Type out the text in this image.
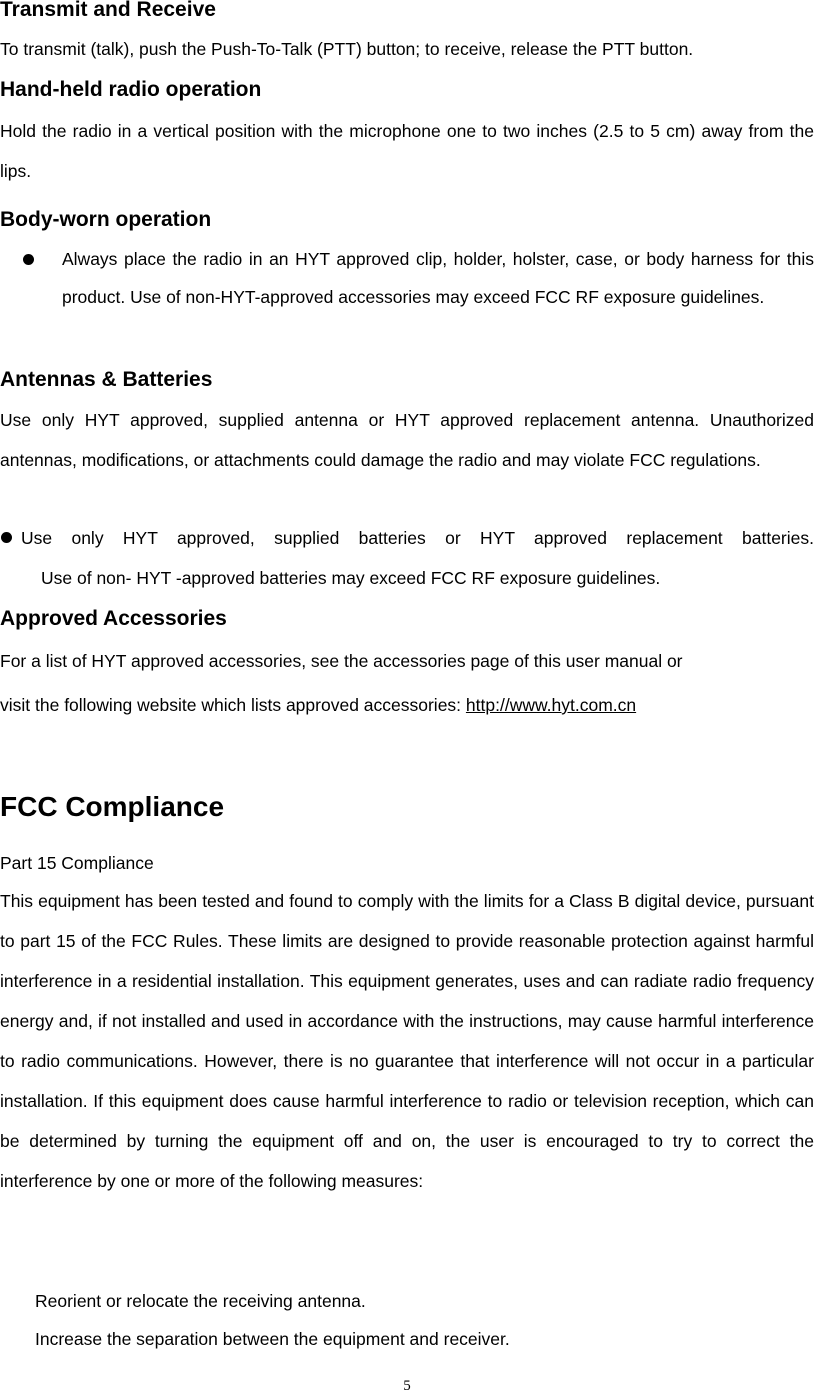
Transmit and Receive
To transmit (talk), push the Push-To-Talk (PTT) button; to receive, release the PTT button.
Hand-held radio operation
Hold the radio in a vertical position with the microphone one to two inches (2.5 to 5 cm) away from the lips.
Body-worn operation
Always place the radio in an HYT approved clip, holder, holster, case, or body harness for this product. Use of non-HYT-approved accessories may exceed FCC RF exposure guidelines.
Antennas & Batteries
Use only HYT approved, supplied antenna or HYT approved replacement antenna. Unauthorized antennas, modifications, or attachments could damage the radio and may violate FCC regulations.
Use only HYT approved, supplied batteries or HYT approved replacement batteries.
Use of non- HYT -approved batteries may exceed FCC RF exposure guidelines.
Approved Accessories
For a list of HYT approved accessories, see the accessories page of this user manual or
visit the following website which lists approved accessories: http://www.hyt.com.cn
FCC Compliance
Part 15 Compliance
This equipment has been tested and found to comply with the limits for a Class B digital device, pursuant to part 15 of the FCC Rules. These limits are designed to provide reasonable protection against harmful interference in a residential installation. This equipment generates, uses and can radiate radio frequency energy and, if not installed and used in accordance with the instructions, may cause harmful interference to radio communications. However, there is no guarantee that interference will not occur in a particular installation. If this equipment does cause harmful interference to radio or television reception, which can be determined by turning the equipment off and on, the user is encouraged to try to correct the interference by one or more of the following measures:
Reorient or relocate the receiving antenna.
Increase the separation between the equipment and receiver.
5
